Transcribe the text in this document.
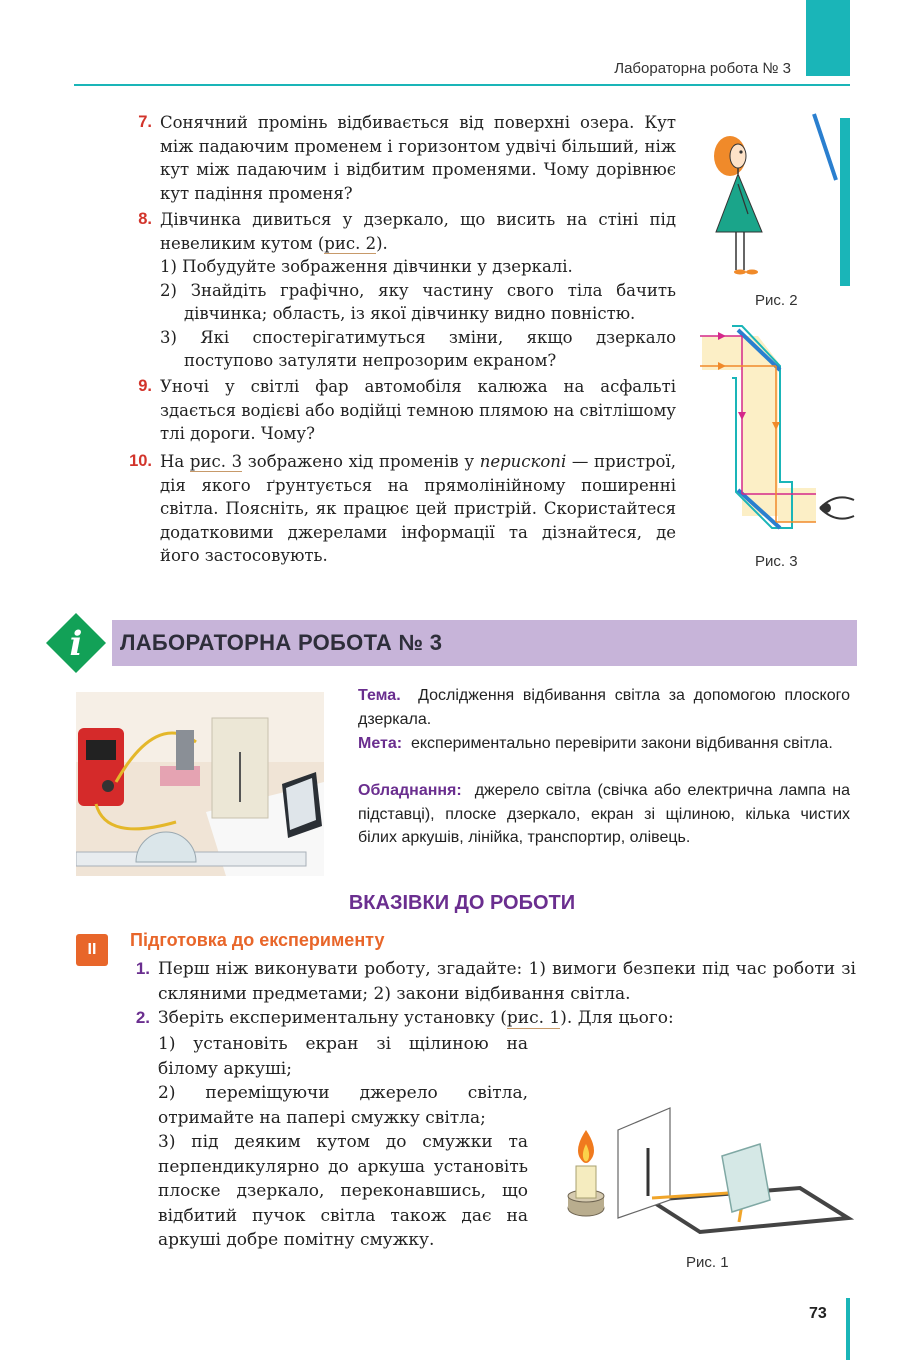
Лабораторна робота № 3
7. Сонячний промінь відбивається від поверхні озера. Кут між падаючим променем і горизонтом удвічі більший, ніж кут між падаючим і відбитим променями. Чому дорівнює кут падіння променя?
8. Дівчинка дивиться у дзеркало, що висить на стіні під невеликим кутом (рис. 2).
1) Побудуйте зображення дівчинки у дзеркалі.
2) Знайдіть графічно, яку частину свого тіла бачить дівчинка; область, із якої дівчинку видно повністю.
3) Які спостерігатимуться зміни, якщо дзеркало поступово затуляти непрозорим екраном?
9. Уночі у світлі фар автомобіля калюжа на асфальті здається водієві або водійці темною плямою на світлішому тлі дороги. Чому?
10. На рис. 3 зображено хід променів у перископі — пристрої, дія якого ґрунтується на прямолінійному поширенні світла. Поясніть, як працює цей пристрій. Скористайтеся додатковими джерелами інформації та дізнайтеся, де його застосовують.
Рис. 2
Рис. 3
i ЛАБОРАТОРНА РОБОТА № 3
Тема. Дослідження відбивання світла за допомогою плоского дзеркала.
Мета: експериментально перевірити закони відбивання світла.
Обладнання: джерело світла (свічка або електрична лампа на підставці), плоске дзеркало, екран зі щілиною, кілька чистих білих аркушів, лінійка, транспортир, олівець.
ВКАЗІВКИ ДО РОБОТИ
II	Підготовка до експерименту
1. Перш ніж виконувати роботу, згадайте: 1) вимоги безпеки під час роботи зі скляними предметами; 2) закони відбивання світла.
2. Зберіть експериментальну установку (рис. 1). Для цього:
1) установіть екран зі щілиною на білому аркуші;
2) переміщуючи джерело світла, отримайте на папері смужку світла;
3) під деяким кутом до смужки та перпендикулярно до аркуша установіть плоске дзеркало, переконавшись, що відбитий пучок світла також дає на аркуші добре помітну смужку.
Рис. 1
73
